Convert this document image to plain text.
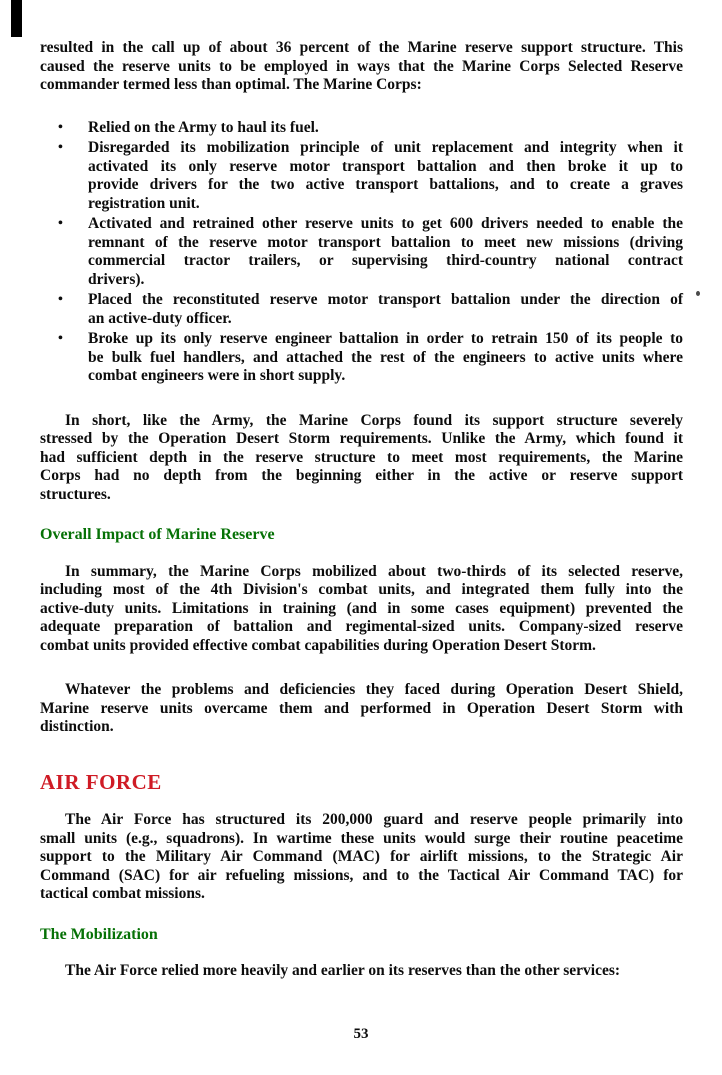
resulted in the call up of about 36 percent of the Marine reserve support structure. This
caused the reserve units to be employed in ways that the Marine Corps Selected Reserve
commander termed less than optimal. The Marine Corps:
•	Relied on the Army to haul its fuel.
•	Disregarded its mobilization principle of unit replacement and integrity when it
activated its only reserve motor transport battalion and then broke it up to
provide drivers for the two active transport battalions, and to create a graves
registration unit.
•	Activated and retrained other reserve units to get 600 drivers needed to enable the
remnant of the reserve motor transport battalion to meet new missions (driving
commercial tractor trailers, or supervising third-country national contract
drivers).
•	Placed the reconstituted reserve motor transport battalion under the direction of
an active-duty officer.
•	Broke up its only reserve engineer battalion in order to retrain 150 of its people to
be bulk fuel handlers, and attached the rest of the engineers to active units where
combat engineers were in short supply.
In short, like the Army, the Marine Corps found its support structure severely
stressed by the Operation Desert Storm requirements. Unlike the Army, which found it
had sufficient depth in the reserve structure to meet most requirements, the Marine
Corps had no depth from the beginning either in the active or reserve support
structures.
Overall Impact of Marine Reserve
In summary, the Marine Corps mobilized about two-thirds of its selected reserve,
including most of the 4th Division's combat units, and integrated them fully into the
active-duty units. Limitations in training (and in some cases equipment) prevented the
adequate preparation of battalion and regimental-sized units. Company-sized reserve
combat units provided effective combat capabilities during Operation Desert Storm.
Whatever the problems and deficiencies they faced during Operation Desert Shield,
Marine reserve units overcame them and performed in Operation Desert Storm with
distinction.
AIR FORCE
The Air Force has structured its 200,000 guard and reserve people primarily into
small units (e.g., squadrons). In wartime these units would surge their routine peacetime
support to the Military Air Command (MAC) for airlift missions, to the Strategic Air
Command (SAC) for air refueling missions, and to the Tactical Air Command TAC) for
tactical combat missions.
The Mobilization
The Air Force relied more heavily and earlier on its reserves than the other services:
53
